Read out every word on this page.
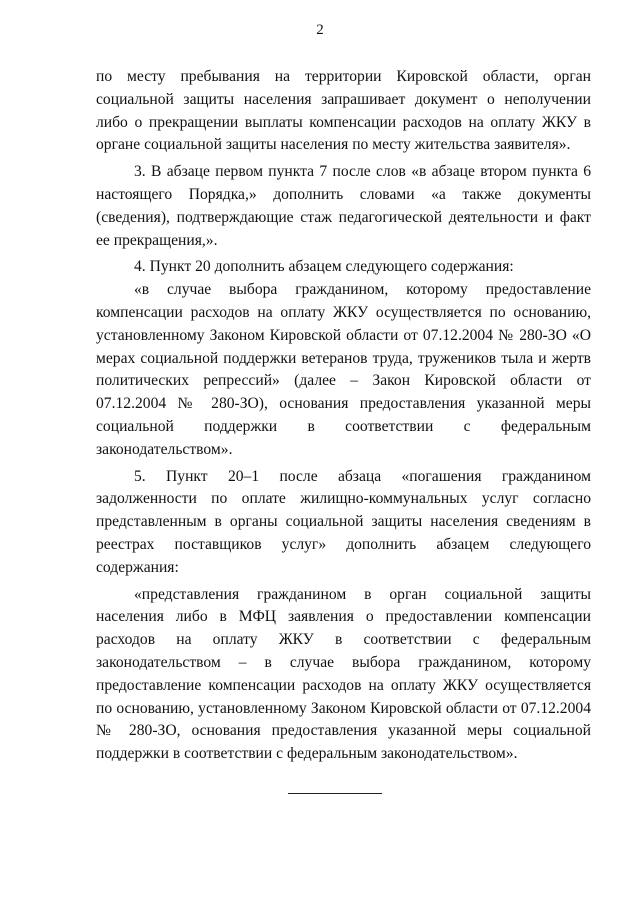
2

по месту пребывания на территории Кировской области, орган социальной защиты населения запрашивает документ о неполучении либо о прекращении выплаты компенсации расходов на оплату ЖКУ в органе социальной защиты населения по месту жительства заявителя».

3. В абзаце первом пункта 7 после слов «в абзаце втором пункта 6 настоящего Порядка,» дополнить словами «а также документы (сведения), подтверждающие стаж педагогической деятельности и факт ее прекращения,».

4. Пункт 20 дополнить абзацем следующего содержания:

«в случае выбора гражданином, которому предоставление компенсации расходов на оплату ЖКУ осуществляется по основанию, установленному Законом Кировской области от 07.12.2004 № 280-ЗО «О мерах социальной поддержки ветеранов труда, тружеников тыла и жертв политических репрессий» (далее – Закон Кировской области от 07.12.2004 № 280-ЗО), основания предоставления указанной меры социальной поддержки в соответствии с федеральным законодательством».

5. Пункт 20–1 после абзаца «погашения гражданином задолженности по оплате жилищно-коммунальных услуг согласно представленным в органы социальной защиты населения сведениям в реестрах поставщиков услуг» дополнить абзацем следующего содержания:

«представления гражданином в орган социальной защиты населения либо в МФЦ заявления о предоставлении компенсации расходов на оплату ЖКУ в соответствии с федеральным законодательством – в случае выбора гражданином, которому предоставление компенсации расходов на оплату ЖКУ осуществляется по основанию, установленному Законом Кировской области от 07.12.2004 № 280-ЗО, основания предоставления указанной меры социальной поддержки в соответствии с федеральным законодательством».
